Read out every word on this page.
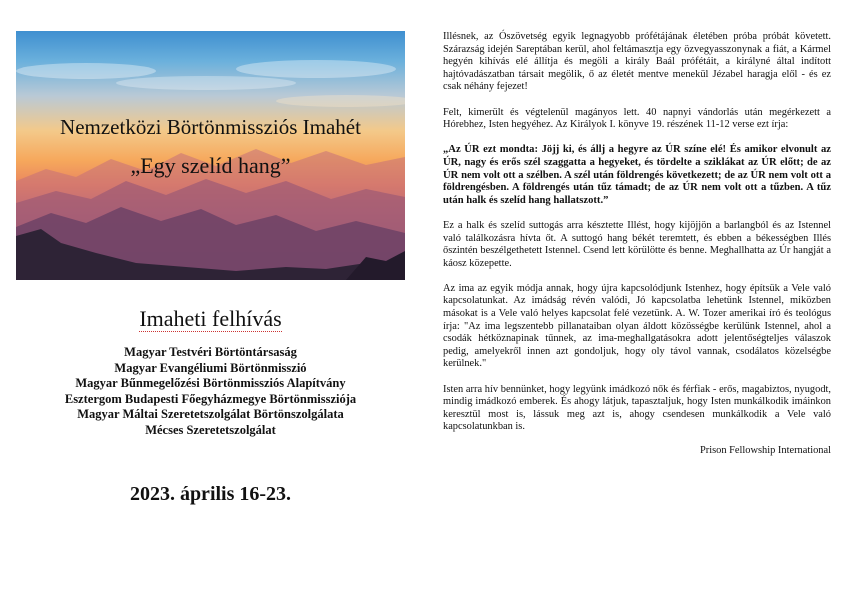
Nemzetközi Börtönmissziós Imahét
„Egy szelíd hang”
Imaheti felhívás
Magyar Testvéri Börtöntársaság
Magyar Evangéliumi Börtönmisszió
Magyar Bűnmegelőzési Börtönmissziós Alapítvány
Esztergom Budapesti Főegyházmegye Börtönmissziója
Magyar Máltai Szeretetszolgálat Börtönszolgálata
Mécses Szeretetszolgálat
2023. április 16-23.

Illésnek, az Ószövetség egyik legnagyobb prófétájának életében próba próbát követett. Szárazság idején Sareptában kerül, ahol feltámasztja egy özvegyasszonynak a fiát, a Kármel hegyén kihívás elé állítja és megöli a király Baál prófétáit, a királyné által indított hajtóvadászatban társait megölik, ő az életét mentve menekül Jézabel haragja elől - és ez csak néhány fejezet!

Felt, kimerült és végtelenül magányos lett. 40 napnyi vándorlás után megérkezett a Hórebhez, Isten hegyéhez. Az Királyok I. könyve 19. részének 11-12 verse ezt írja:

„Az ÚR ezt mondta: Jöjj ki, és állj a hegyre az ÚR színe elé! És amikor elvonult az ÚR, nagy és erős szél szaggatta a hegyeket, és tördelte a sziklákat az ÚR előtt; de az ÚR nem volt ott a szélben. A szél után földrengés következett; de az ÚR nem volt ott a földrengésben. A földrengés után tűz támadt; de az ÚR nem volt ott a tűzben. A tűz után halk és szelíd hang hallatszott.”

Ez a halk és szelíd suttogás arra késztette Illést, hogy kijöjjön a barlangból és az Istennel való találkozásra hívta őt. A suttogó hang békét teremtett, és ebben a békességben Illés őszintén beszélgethetett Istennel. Csend lett körülötte és benne. Meghallhatta az Úr hangját a káosz közepette.

Az ima az egyik módja annak, hogy újra kapcsolódjunk Istenhez, hogy építsük a Vele való kapcsolatunkat. Az imádság révén valódi, Jó kapcsolatba lehetünk Istennel, miközben másokat is a Vele való helyes kapcsolat felé vezetünk. A. W. Tozer amerikai író és teológus írja: "Az ima legszentebb pillanataiban olyan áldott közösségbe kerülünk Istennel, ahol a csodák hétköznapinak tűnnek, az ima-meghallgatásokra adott jelentőségteljes válaszok pedig, amelyekről innen azt gondoljuk, hogy oly távol vannak, csodálatos közelségbe kerülnek."

Isten arra hív bennünket, hogy legyünk imádkozó nők és férfiak - erős, magabiztos, nyugodt, mindig imádkozó emberek. És ahogy látjuk, tapasztaljuk, hogy Isten munkálkodik imáinkon keresztül most is, lássuk meg azt is, ahogy csendesen munkálkodik a Vele való kapcsolatunkban is.

Prison Fellowship International
